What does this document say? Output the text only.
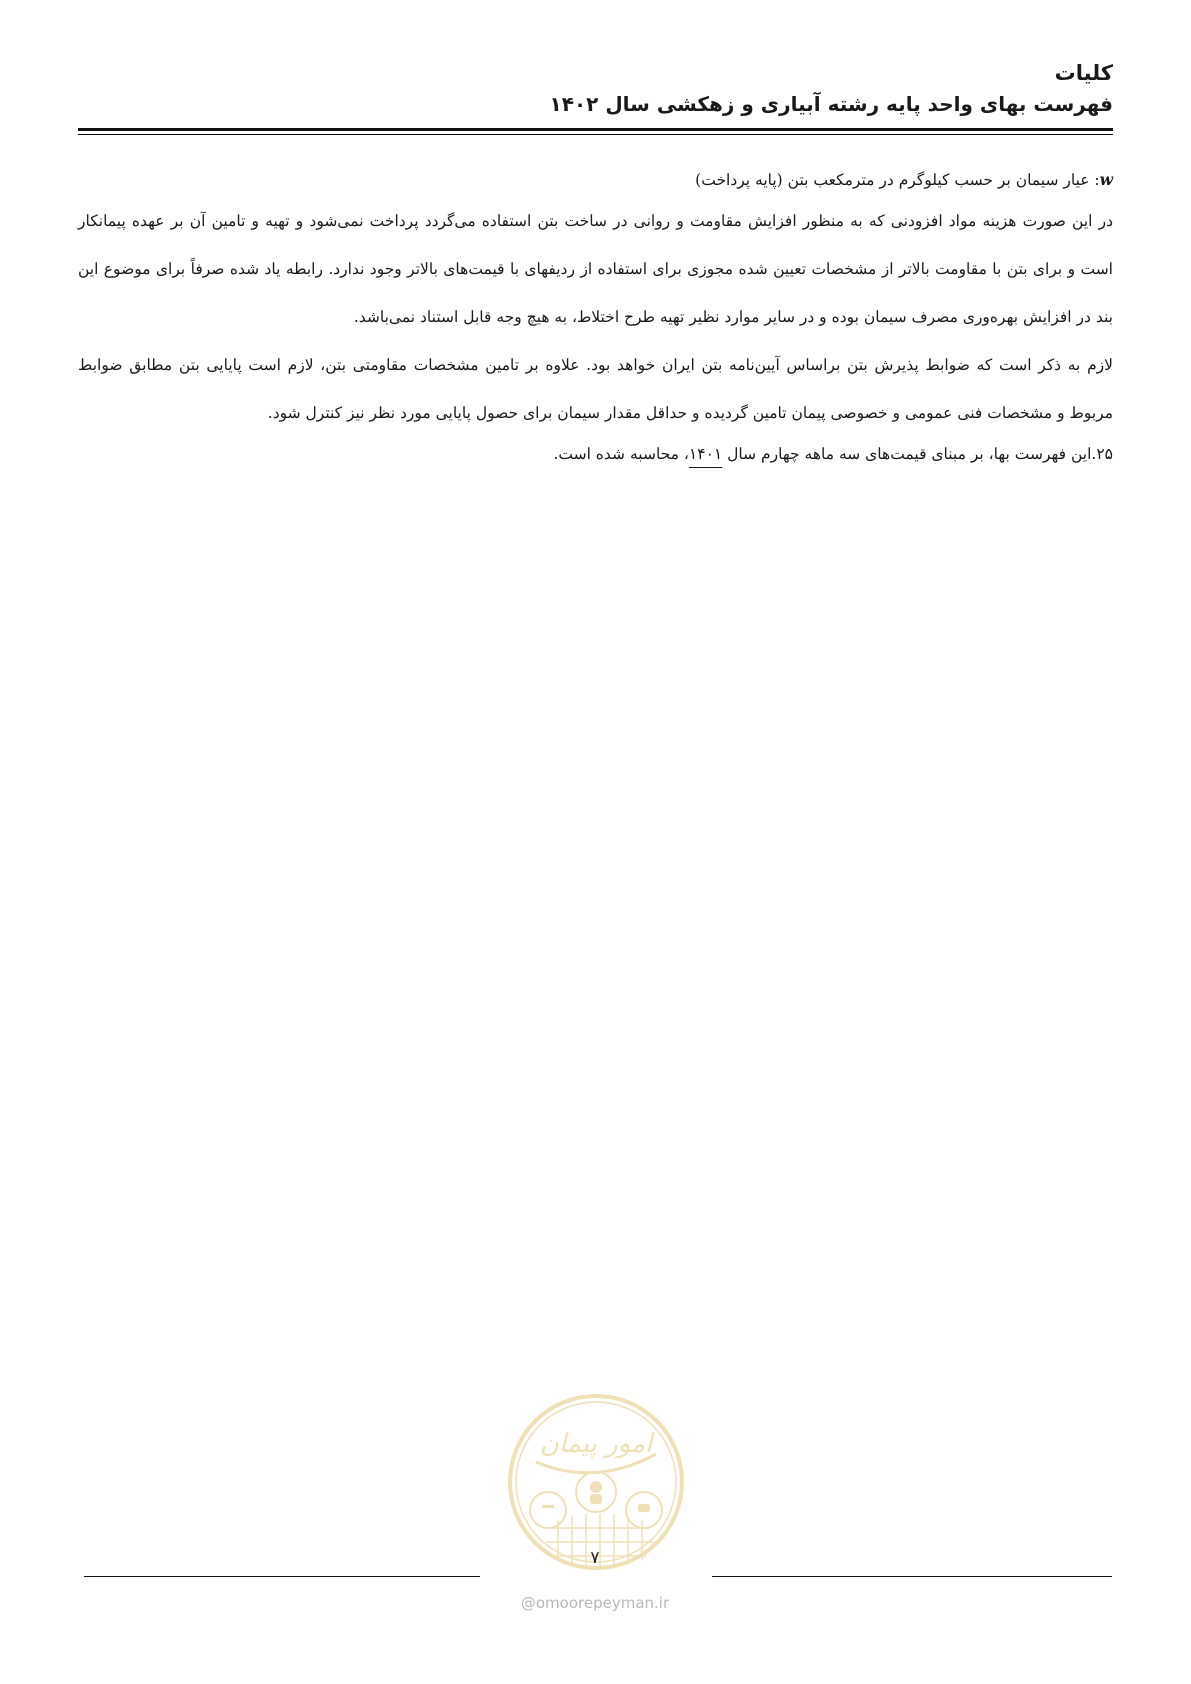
کلیات
فهرست بهای واحد پایه رشته آبیاری و زهکشی سال ۱۴۰۲

w: عیار سیمان بر حسب کیلوگرم در مترمکعب بتن (پایه پرداخت)

در این صورت هزینه مواد افزودنی که به منظور افزایش مقاومت و روانی در ساخت بتن استفاده می‌گردد پرداخت نمی‌شود و تهیه و تامین آن بر عهده پیمانکار است و برای بتن با مقاومت بالاتر از مشخصات تعیین شده مجوزی برای استفاده از ردیفهای با قیمت‌های بالاتر وجود ندارد. رابطه یاد شده صرفاً برای موضوع این بند در افزایش بهره‌وری مصرف سیمان بوده و در سایر موارد نظیر تهیه طرح اختلاط، به هیچ وجه قابل استناد نمی‌باشد.

لازم به ذکر است که ضوابط پذیرش بتن براساس آیین‌نامه بتن ایران خواهد بود. علاوه بر تامین مشخصات مقاومتی بتن، لازم است پایایی بتن مطابق ضوابط مربوط و مشخصات فنی عمومی و خصوصی پیمان تامین گردیده و حداقل مقدار سیمان برای حصول پایایی مورد نظر نیز کنترل شود.

۲۵.این فهرست بها، بر مبنای قیمت‌های سه ماهه چهارم سال ۱۴۰۱، محاسبه شده است.

امور پیمان
۷
@omoorepeyman.ir
